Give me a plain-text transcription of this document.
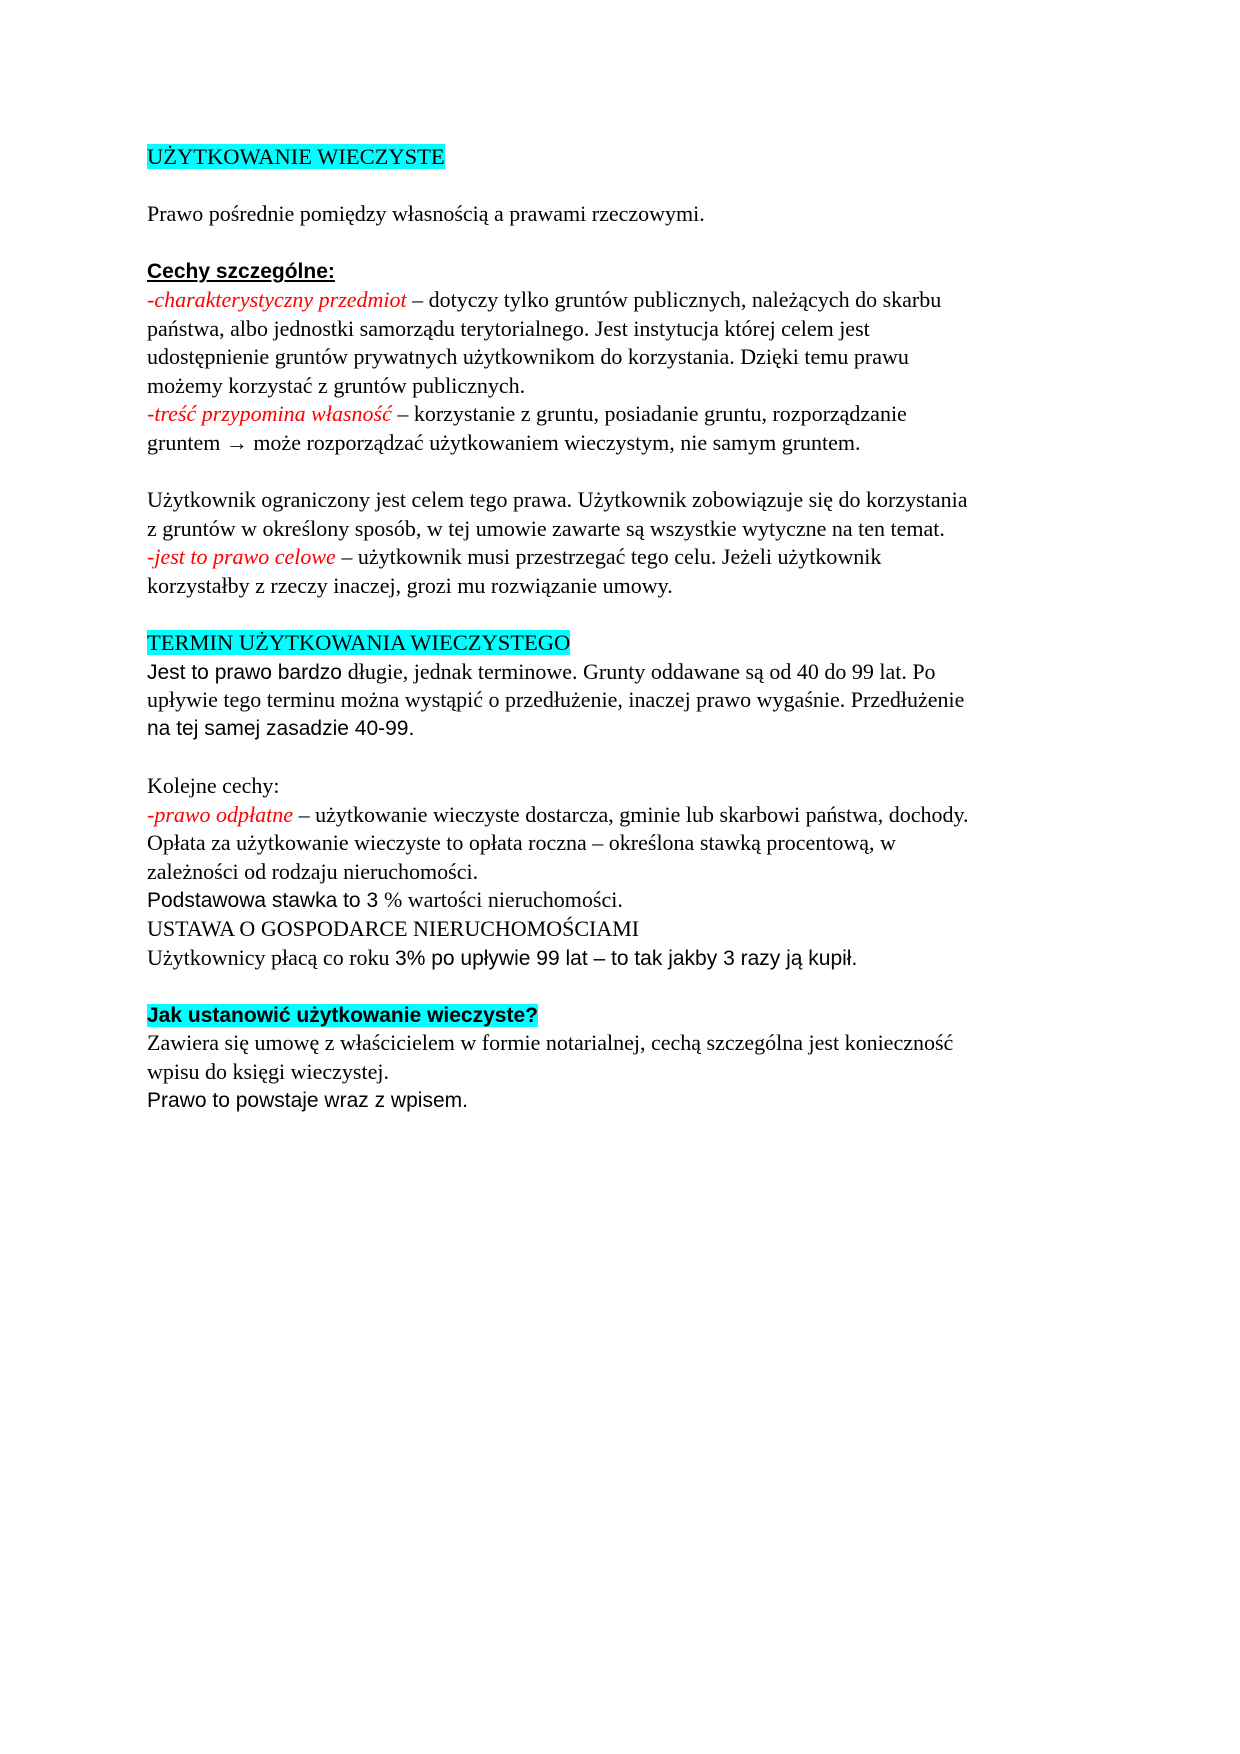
UŻYTKOWANIE WIECZYSTE
Prawo pośrednie pomiędzy własnością a prawami rzeczowymi.
Cechy szczególne:
-charakterystyczny przedmiot – dotyczy tylko gruntów publicznych, należących do skarbu
państwa, albo jednostki samorządu terytorialnego. Jest instytucja której celem jest
udostępnienie gruntów prywatnych użytkownikom do korzystania. Dzięki temu prawu
możemy korzystać z gruntów publicznych.
-treść przypomina własność – korzystanie z gruntu, posiadanie gruntu, rozporządzanie
gruntem → może rozporządzać użytkowaniem wieczystym, nie samym gruntem.
Użytkownik ograniczony jest celem tego prawa. Użytkownik zobowiązuje się do korzystania
z gruntów w określony sposób, w tej umowie zawarte są wszystkie wytyczne na ten temat.
-jest to prawo celowe – użytkownik musi przestrzegać tego celu. Jeżeli użytkownik
korzystałby z rzeczy inaczej, grozi mu rozwiązanie umowy.
TERMIN UŻYTKOWANIA WIECZYSTEGO
Jest to prawo bardzo długie, jednak terminowe. Grunty oddawane są od 40 do 99 lat. Po
upływie tego terminu można wystąpić o przedłużenie, inaczej prawo wygaśnie. Przedłużenie
na tej samej zasadzie 40-99.
Kolejne cechy:
-prawo odpłatne – użytkowanie wieczyste dostarcza, gminie lub skarbowi państwa, dochody.
Opłata za użytkowanie wieczyste to opłata roczna – określona stawką procentową, w
zależności od rodzaju nieruchomości.
Podstawowa stawka to 3 % wartości nieruchomości.
USTAWA O GOSPODARCE NIERUCHOMOŚCIAMI
Użytkownicy płacą co roku 3% po upływie 99 lat – to tak jakby 3 razy ją kupił.
Jak ustanowić użytkowanie wieczyste?
Zawiera się umowę z właścicielem w formie notarialnej, cechą szczególna jest konieczność
wpisu do księgi wieczystej.
Prawo to powstaje wraz z wpisem.
